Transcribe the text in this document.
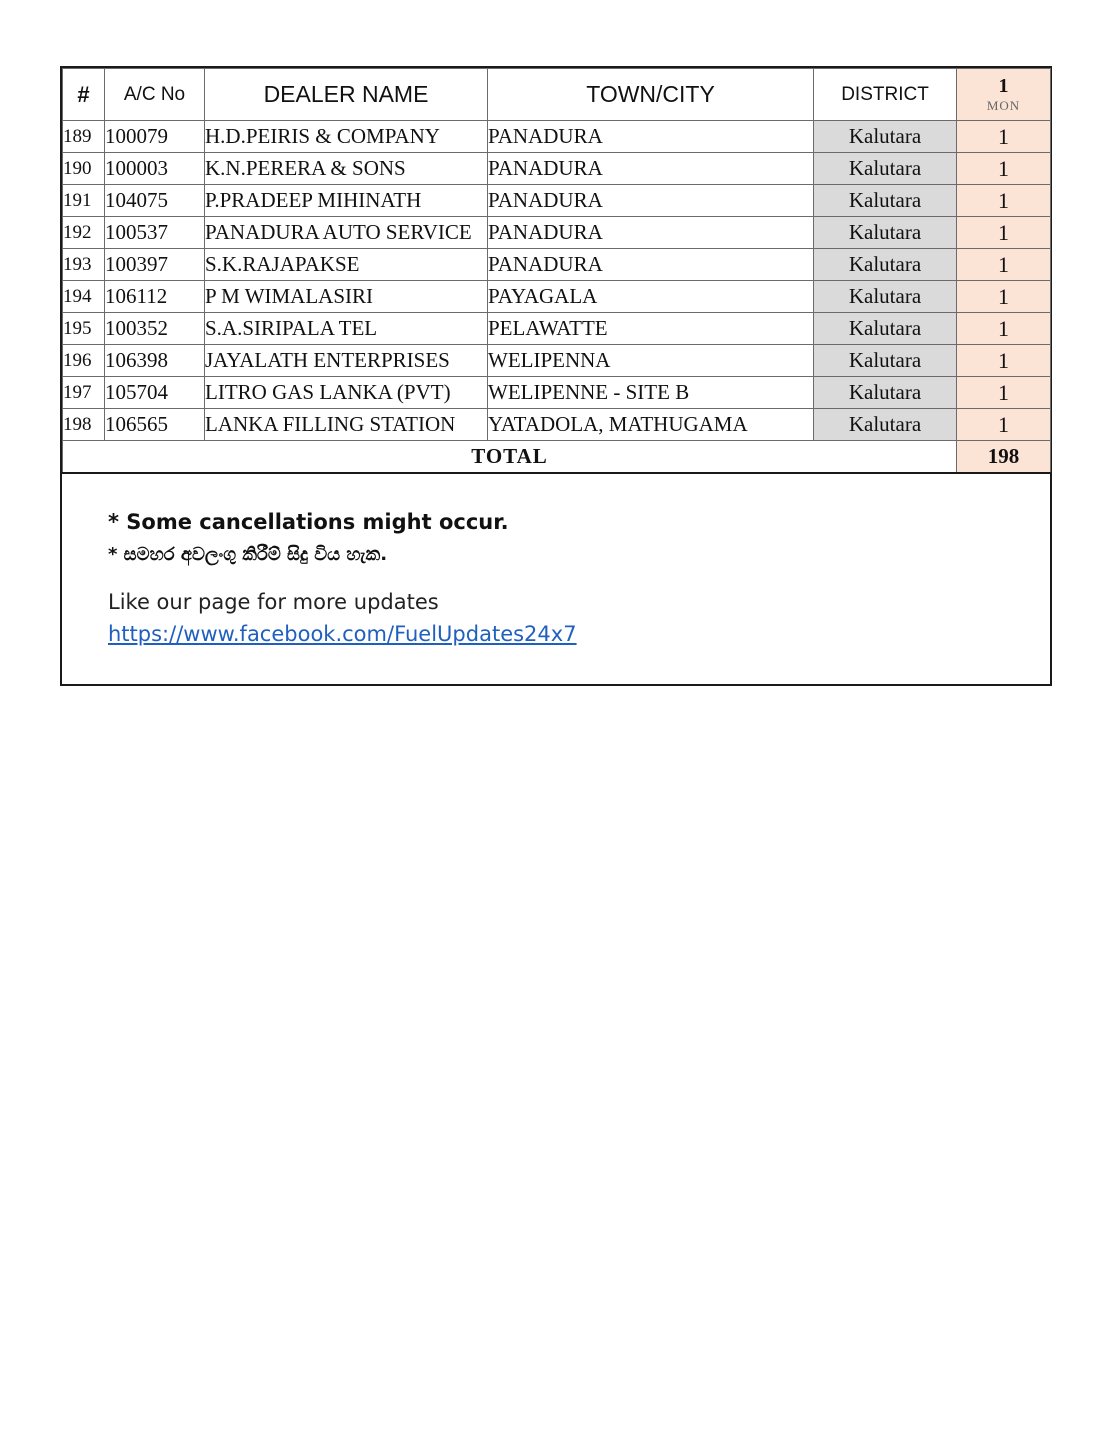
#	A/C No	DEALER NAME	TOWN/CITY	DISTRICT	1
MON

189	100079	H.D.PEIRIS & COMPANY	PANADURA	Kalutara	1
190	100003	K.N.PERERA & SONS	PANADURA	Kalutara	1
191	104075	P.PRADEEP MIHINATH	PANADURA	Kalutara	1
192	100537	PANADURA AUTO SERVICE	PANADURA	Kalutara	1
193	100397	S.K.RAJAPAKSE	PANADURA	Kalutara	1
194	106112	P M WIMALASIRI	PAYAGALA	Kalutara	1
195	100352	S.A.SIRIPALA TEL	PELAWATTE	Kalutara	1
196	106398	JAYALATH ENTERPRISES	WELIPENNA	Kalutara	1
197	105704	LITRO GAS LANKA (PVT)	WELIPENNE - SITE B	Kalutara	1
198	106565	LANKA FILLING STATION	YATADOLA, MATHUGAMA	Kalutara	1
TOTAL					198

* Some cancellations might occur.

* සමහර අවලංගු කිරීම් සිදු විය හැක.

Like our page for more updates

https://www.facebook.com/FuelUpdates24x7
